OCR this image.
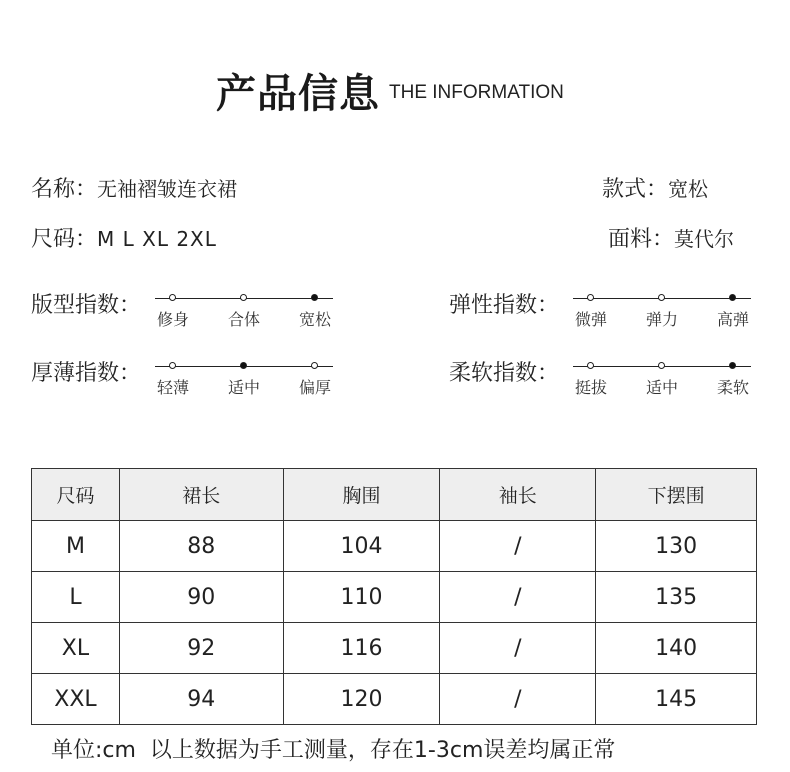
产品信息 THE INFORMATION
名称：无袖褶皱连衣裙	款式：宽松
尺码：M L XL 2XL	面料：莫代尔
版型指数：
修身 合体 宽松
弹性指数：
微弹 弹力 高弹
厚薄指数：
轻薄 适中 偏厚
柔软指数：
挺拔 适中 柔软
尺码	裙长	胸围	袖长	下摆围
M	88	104	/	130
L	90	110	/	135
XL	92	116	/	140
XXL	94	120	/	145
单位:cm  以上数据为手工测量，存在1-3cm误差均属正常
